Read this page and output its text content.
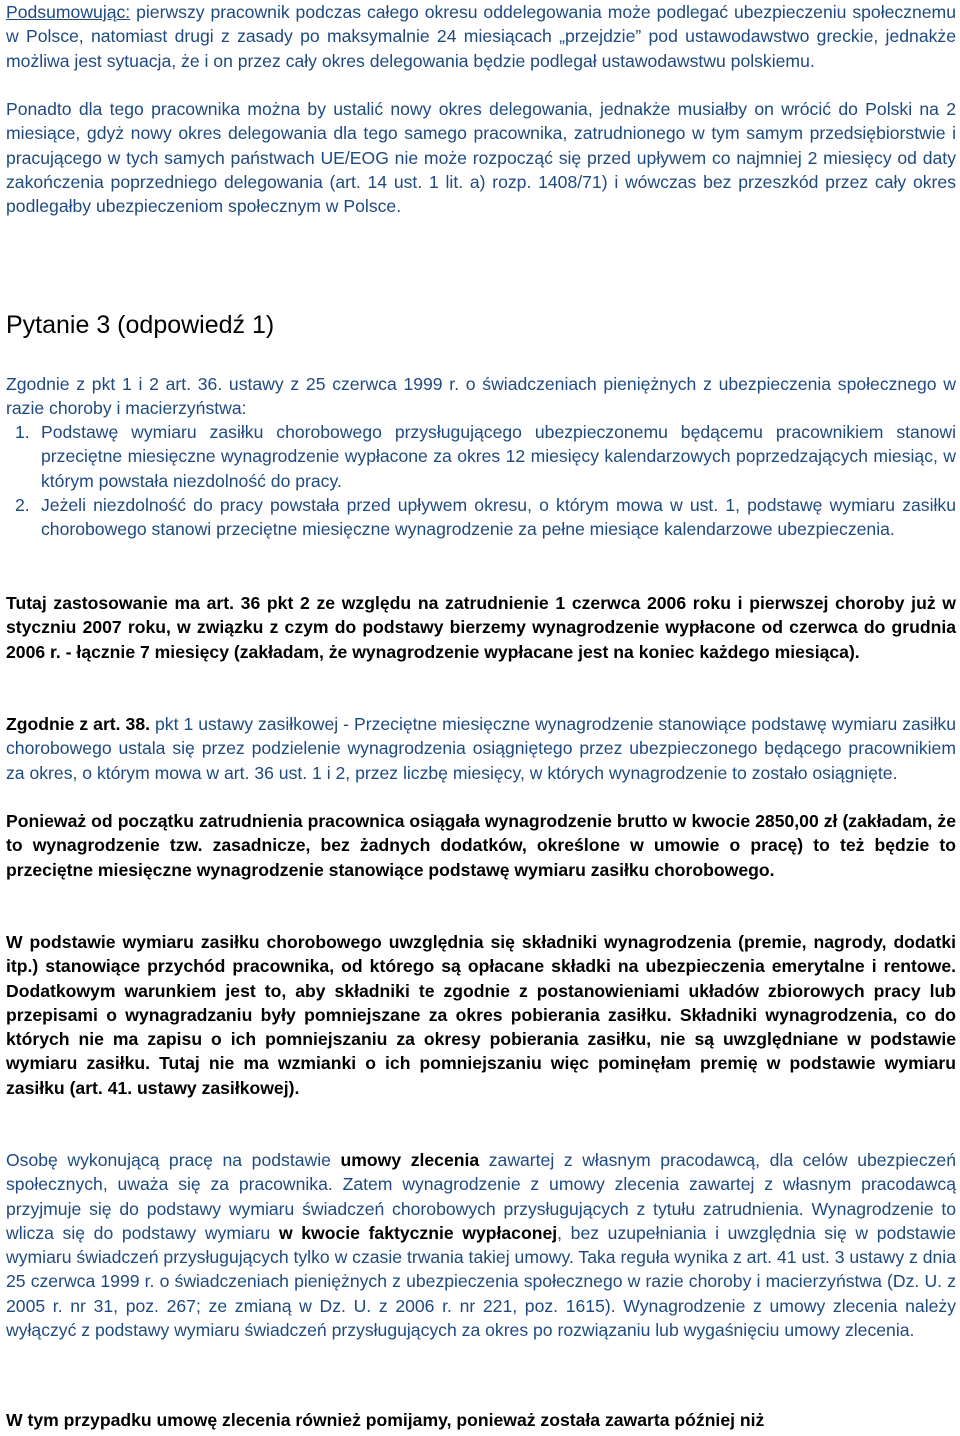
Podsumowując: pierwszy pracownik podczas całego okresu oddelegowania może podlegać ubezpieczeniu społecznemu w Polsce, natomiast drugi z zasady po maksymalnie 24 miesiącach „przejdzie” pod ustawodawstwo greckie, jednakże możliwa jest sytuacja, że i on przez cały okres delegowania będzie podlegał ustawodawstwu polskiemu.

Ponadto dla tego pracownika można by ustalić nowy okres delegowania, jednakże musiałby on wrócić do Polski na 2 miesiące, gdyż nowy okres delegowania dla tego samego pracownika, zatrudnionego w tym samym przedsiębiorstwie i pracującego w tych samych państwach UE/EOG nie może rozpocząć się przed upływem co najmniej 2 miesięcy od daty zakończenia poprzedniego delegowania (art. 14 ust. 1 lit. a) rozp. 1408/71) i wówczas bez przeszkód przez cały okres podlegałby ubezpieczeniom społecznym w Polsce.

Pytanie 3 (odpowiedź 1)

Zgodnie z pkt 1 i 2 art. 36. ustawy z 25 czerwca 1999 r. o świadczeniach pieniężnych z ubezpieczenia społecznego w razie choroby i macierzyństwa:

1. Podstawę wymiaru zasiłku chorobowego przysługującego ubezpieczonemu będącemu pracownikiem stanowi przeciętne miesięczne wynagrodzenie wypłacone za okres 12 miesięcy kalendarzowych poprzedzających miesiąc, w którym powstała niezdolność do pracy.
2. Jeżeli niezdolność do pracy powstała przed upływem okresu, o którym mowa w ust. 1, podstawę wymiaru zasiłku chorobowego stanowi przeciętne miesięczne wynagrodzenie za pełne miesiące kalendarzowe ubezpieczenia.

Tutaj zastosowanie ma art. 36 pkt 2 ze względu na zatrudnienie 1 czerwca 2006 roku i pierwszej choroby już w styczniu 2007 roku, w związku z czym do podstawy bierzemy wynagrodzenie wypłacone od czerwca do grudnia 2006 r. - łącznie 7 miesięcy (zakładam, że wynagrodzenie wypłacane jest na koniec każdego miesiąca).

Zgodnie z art. 38. pkt 1 ustawy zasiłkowej - Przeciętne miesięczne wynagrodzenie stanowiące podstawę wymiaru zasiłku chorobowego ustala się przez podzielenie wynagrodzenia osiągniętego przez ubezpieczonego będącego pracownikiem za okres, o którym mowa w art. 36 ust. 1 i 2, przez liczbę miesięcy, w których wynagrodzenie to zostało osiągnięte.

Ponieważ od początku zatrudnienia pracownica osiągała wynagrodzenie brutto w kwocie 2850,00 zł (zakładam, że to wynagrodzenie tzw. zasadnicze, bez żadnych dodatków, określone w umowie o pracę) to też będzie to przeciętne miesięczne wynagrodzenie stanowiące podstawę wymiaru zasiłku chorobowego.

W podstawie wymiaru zasiłku chorobowego uwzględnia się składniki wynagrodzenia (premie, nagrody, dodatki itp.) stanowiące przychód pracownika, od którego są opłacane składki na ubezpieczenia emerytalne i rentowe. Dodatkowym warunkiem jest to, aby składniki te zgodnie z postanowieniami układów zbiorowych pracy lub przepisami o wynagradzaniu były pomniejszane za okres pobierania zasiłku. Składniki wynagrodzenia, co do których nie ma zapisu o ich pomniejszaniu za okresy pobierania zasiłku, nie są uwzględniane w podstawie wymiaru zasiłku. Tutaj nie ma wzmianki o ich pomniejszaniu więc pominęłam premię w podstawie wymiaru zasiłku (art. 41. ustawy zasiłkowej).

Osobę wykonującą pracę na podstawie umowy zlecenia zawartej z własnym pracodawcą, dla celów ubezpieczeń społecznych, uważa się za pracownika. Zatem wynagrodzenie z umowy zlecenia zawartej z własnym pracodawcą przyjmuje się do podstawy wymiaru świadczeń chorobowych przysługujących z tytułu zatrudnienia. Wynagrodzenie to wlicza się do podstawy wymiaru w kwocie faktycznie wypłaconej, bez uzupełniania i uwzględnia się w podstawie wymiaru świadczeń przysługujących tylko w czasie trwania takiej umowy. Taka reguła wynika z art. 41 ust. 3 ustawy z dnia 25 czerwca 1999 r. o świadczeniach pieniężnych z ubezpieczenia społecznego w razie choroby i macierzyństwa (Dz. U. z 2005 r. nr 31, poz. 267; ze zmianą w Dz. U. z 2006 r. nr 221, poz. 1615). Wynagrodzenie z umowy zlecenia należy wyłączyć z podstawy wymiaru świadczeń przysługujących za okres po rozwiązaniu lub wygaśnięciu umowy zlecenia.

W tym przypadku umowę zlecenia również pomijamy, ponieważ została zawarta później niż
